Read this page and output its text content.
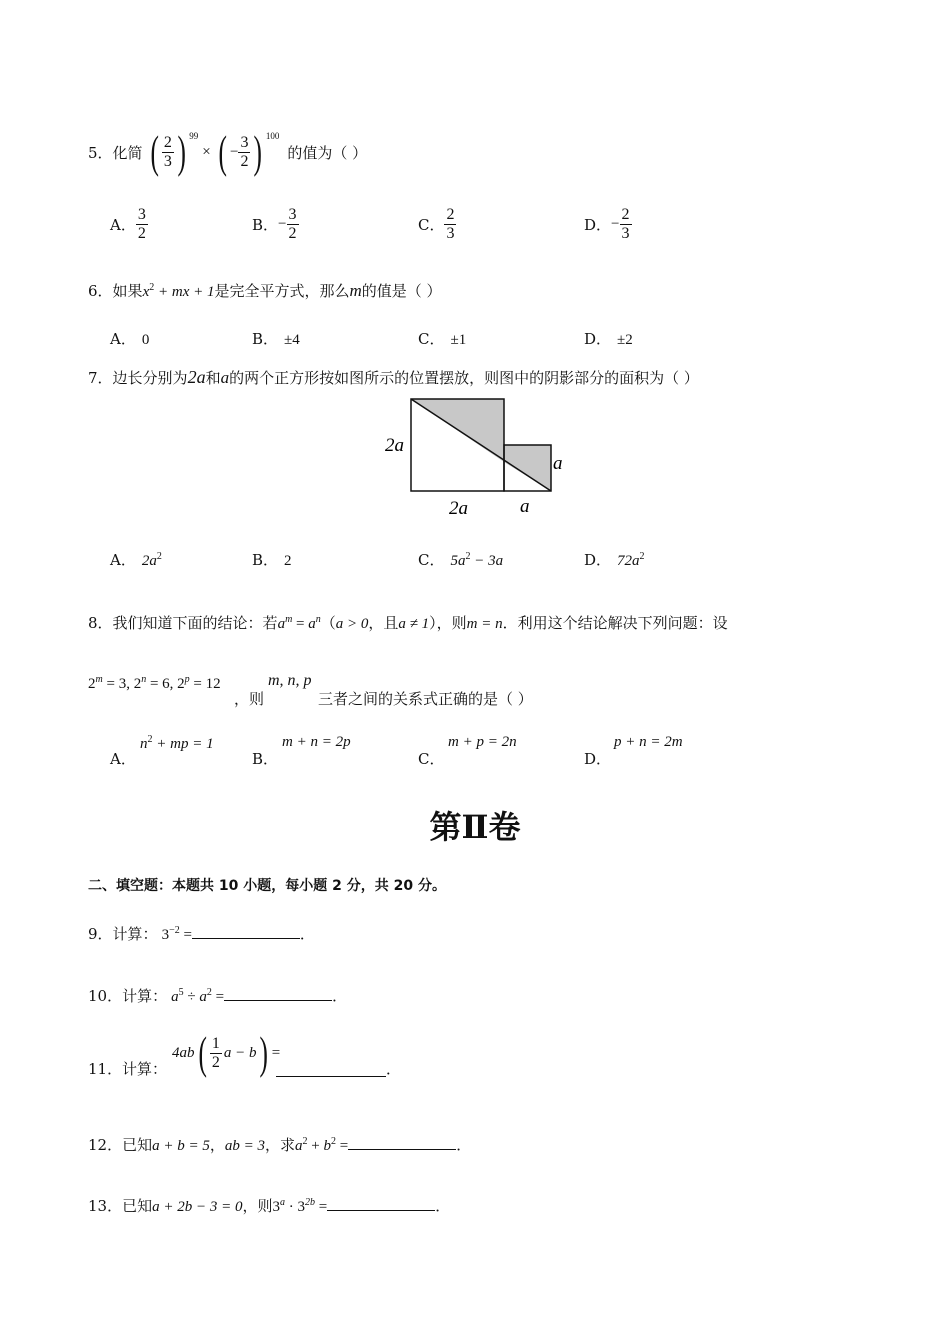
5． 化简 ( $\frac{2}{3}$ ) 99
× ( − $\frac{3}{2}$ ) 100
的值为（ ）
A． $\frac{3}{2}$	B． − $\frac{3}{2}$	C． $\frac{2}{3}$	D． − $\frac{2}{3}$
6．如果$x^2$ + mx + 1是完全平方式，那么m的值是（ ）
A． 0	B． ±4	C． ±1	D． ±2
7．边长分别为2a和a的两个正方形按如图所示的位置摆放，则图中的阴影部分的面积为（ ）
2a
2a	a
a
A． $2a^2$	B． 2	C． $5a^2 - 3a$	D． $72a^2$
8．我们知道下面的结论：若$a^m = a^n(a > 0$，且a ≠ 1），则m = n．利用这个结论解决下列问题：设
$2^m = 3$, $2^n = 6$, $2^p = 12$
，则
m, n, p
三者之间的关系式正确的是（ ）
A．
$n^2$ + mp = 1
B．
m + n = 2p
C．
m + p = 2n
D．
p + n = 2m
第Ⅱ卷
二、填空题：本题共 10 小题，每小题 2 分，共 20 分。
9．计算： $3^{-2}$ =	．
10．计算： $a^5 \div a^2$ =	．
11． 计算：
4ab ( $\frac{1}{2}$ a − b ) =
．
12．已知a + b = 5，ab = 3，求$a^2 + b^2$ =	．
13．已知a + 2b − 3 = 0，则$3^a \cdot 3^{2b}$ =	．
